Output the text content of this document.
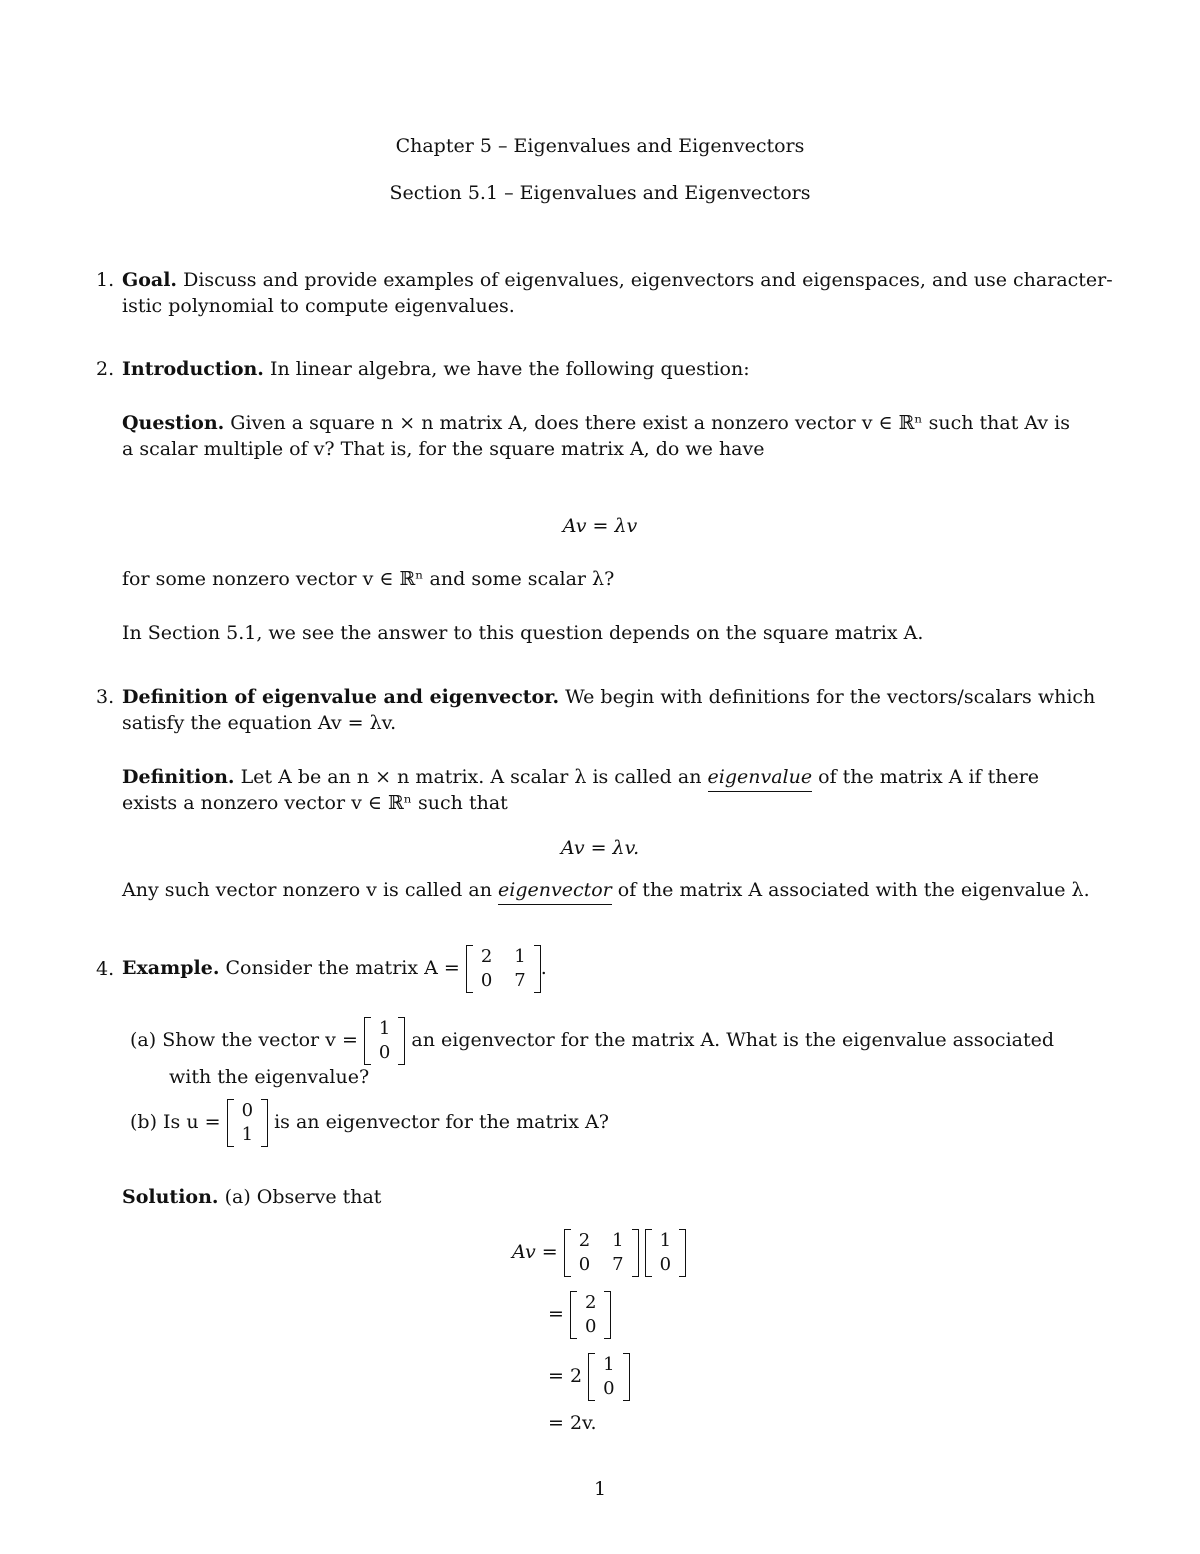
Chapter 5 – Eigenvalues and Eigenvectors
Section 5.1 – Eigenvalues and Eigenvectors
1. Goal. Discuss and provide examples of eigenvalues, eigenvectors and eigenspaces, and use character-
istic polynomial to compute eigenvalues.
2. Introduction. In linear algebra, we have the following question:
Question. Given a square n × n matrix A, does there exist a nonzero vector v ∈ ℝⁿ such that Av is
a scalar multiple of v? That is, for the square matrix A, do we have
Av = λv
for some nonzero vector v ∈ ℝⁿ and some scalar λ?
In Section 5.1, we see the answer to this question depends on the square matrix A.
3. Definition of eigenvalue and eigenvector. We begin with definitions for the vectors/scalars which
satisfy the equation Av = λv.
Definition. Let A be an n × n matrix. A scalar λ is called an eigenvalue of the matrix A if there
exists a nonzero vector v ∈ ℝⁿ such that
Av = λv.
Any such vector nonzero v is called an eigenvector of the matrix A associated with the eigenvalue λ.
4. Example. Consider the matrix A =
2	1
0	7
.
(a) Show the vector v =
1
0
an eigenvector for the matrix A. What is the eigenvalue associated
with the eigenvalue?
(b) Is u =
0
1
is an eigenvector for the matrix A?
Solution. (a) Observe that
Av =
2	1
0	7

1
0
=
2
0
= 2
1
0
= 2v.
1
